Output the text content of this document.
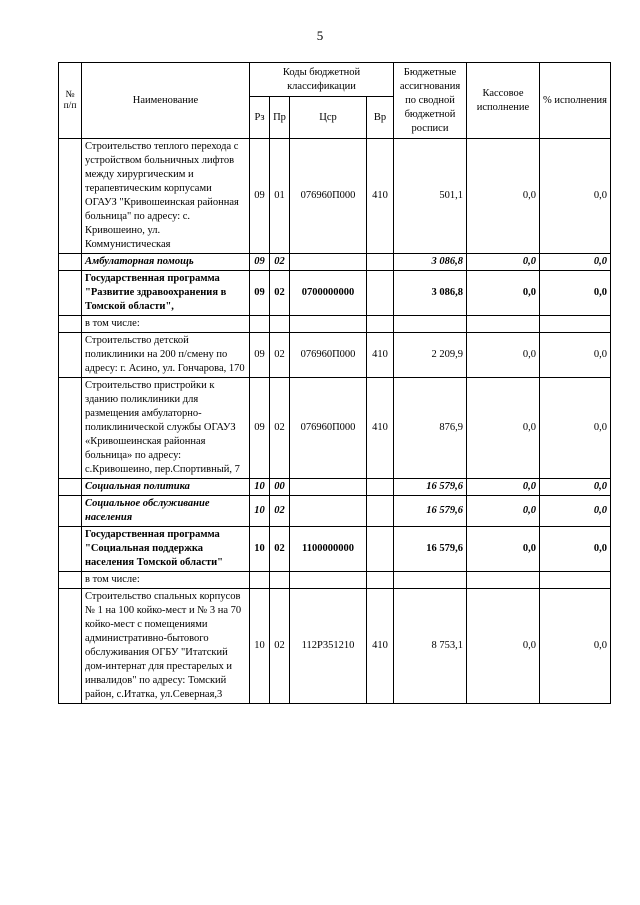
5
№ п/п	Наименование	Коды бюджетной классификации				Бюджетные ассигнования по сводной бюджетной росписи	Кассовое исполнение	% исполнения
		Рз	Пр	Цср	Вр			
	Строительство теплого перехода с устройством больничных лифтов между хирургическим и терапевтическим корпусами ОГАУЗ "Кривошеинская районная больница" по адресу: с. Кривошеино, ул. Коммунистическая	09	01	076960П000	410	501,1	0,0	0,0
	Амбулаторная помощь	09	02			3 086,8	0,0	0,0
	Государственная программа "Развитие здравоохранения в Томской области",	09	02	0700000000		3 086,8	0,0	0,0
	в том числе:							
	Строительство детской поликлиники на 200 п/смену по адресу: г. Асино, ул. Гончарова, 170	09	02	076960П000	410	2 209,9	0,0	0,0
	Строительство пристройки к зданию поликлиники для размещения амбулаторно-поликлинической службы ОГАУЗ «Кривошеинская районная больница» по адресу: с.Кривошеино, пер.Спортивный, 7	09	02	076960П000	410	876,9	0,0	0,0
	Социальная политика	10	00			16 579,6	0,0	0,0
	Социальное обслуживание населения	10	02			16 579,6	0,0	0,0
	Государственная программа "Социальная поддержка населения Томской области"	10	02	1100000000		16 579,6	0,0	0,0
	в том числе:							
	Строительство спальных корпусов № 1 на 100 койко-мест и № 3 на 70 койко-мест с помещениями административно-бытового обслуживания ОГБУ "Итатский дом-интернат для престарелых и инвалидов" по адресу: Томский район, с.Итатка, ул.Северная,3	10	02	112P351210	410	8 753,1	0,0	0,0
